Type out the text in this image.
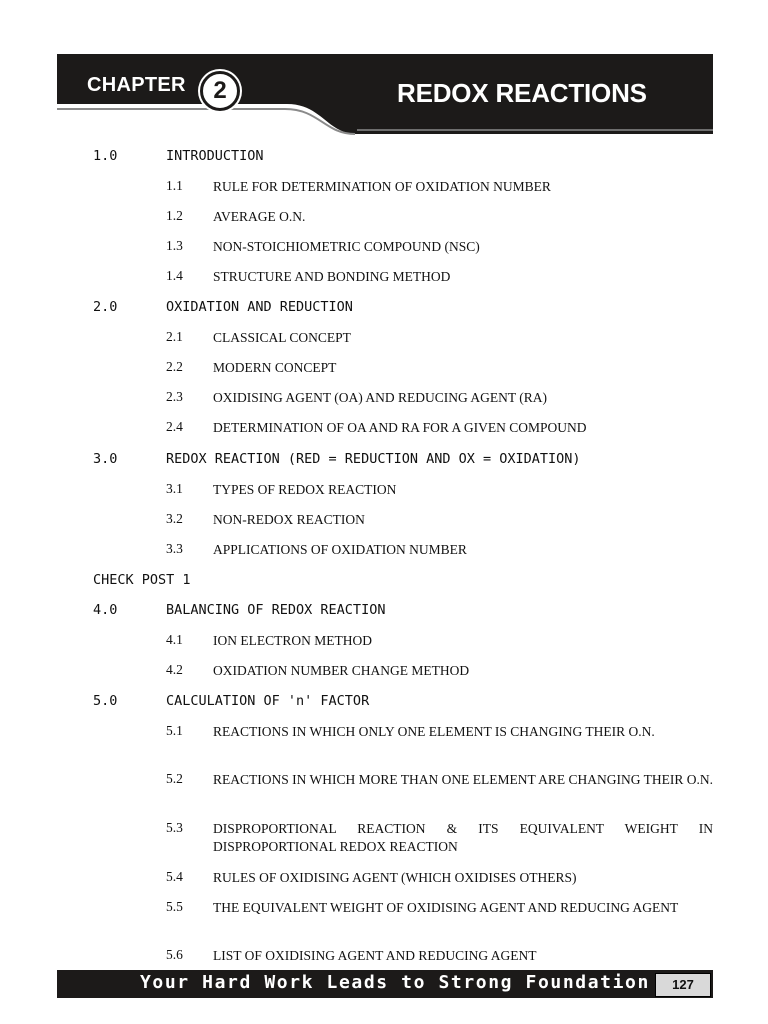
CHAPTER	2	REDOX REACTIONS
1.0	INTRODUCTION
1.1 RULE FOR DETERMINATION OF OXIDATION NUMBER
1.2 AVERAGE O.N.
1.3 NON-STOICHIOMETRIC COMPOUND (NSC)
1.4 STRUCTURE AND BONDING METHOD
2.0	OXIDATION AND REDUCTION
2.1 CLASSICAL CONCEPT
2.2 MODERN CONCEPT
2.3 OXIDISING AGENT (OA) AND REDUCING AGENT (RA)
2.4 DETERMINATION OF OA AND RA FOR A GIVEN COMPOUND
3.0	REDOX REACTION (RED = REDUCTION AND OX = OXIDATION)
3.1 TYPES OF REDOX REACTION
3.2 NON-REDOX REACTION
3.3 APPLICATIONS OF OXIDATION NUMBER
CHECK POST 1
4.0	BALANCING OF REDOX REACTION
4.1 ION ELECTRON METHOD
4.2 OXIDATION NUMBER CHANGE METHOD
5.0	CALCULATION OF 'n' FACTOR
5.1 REACTIONS IN WHICH ONLY ONE ELEMENT IS CHANGING THEIR O.N.
5.2 REACTIONS IN WHICH MORE THAN ONE ELEMENT ARE CHANGING THEIR O.N.
5.3 DISPROPORTIONAL REACTION & ITS EQUIVALENT WEIGHT IN DISPROPORTIONAL REDOX REACTION
5.4 RULES OF OXIDISING AGENT (WHICH OXIDISES OTHERS)
5.5 THE EQUIVALENT WEIGHT OF OXIDISING AGENT AND REDUCING AGENT
5.6 LIST OF OXIDISING AGENT AND REDUCING AGENT
Your Hard Work Leads to Strong Foundation	127
